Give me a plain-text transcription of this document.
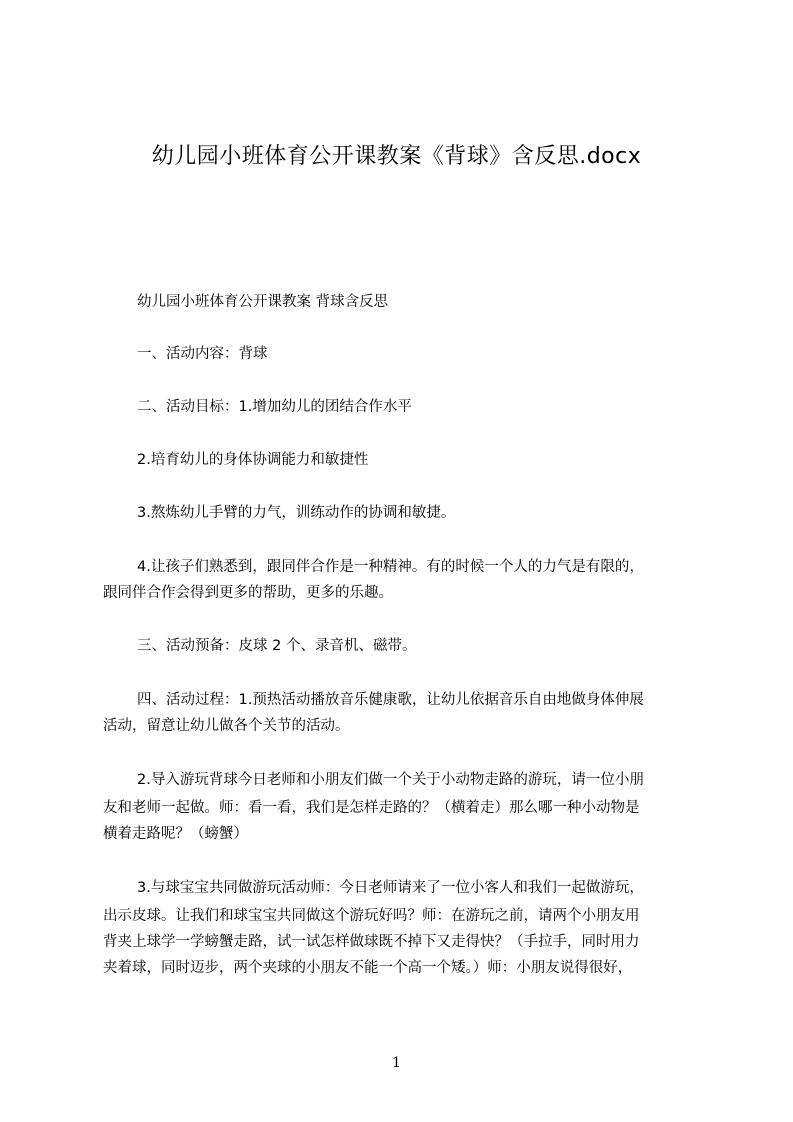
幼儿园小班体育公开课教案《背球》含反思.docx

幼儿园小班体育公开课教案 背球含反思

一、活动内容：背球

二、活动目标：1.增加幼儿的团结合作水平

2.培育幼儿的身体协调能力和敏捷性

3.熬炼幼儿手臂的力气，训练动作的协调和敏捷。

4.让孩子们熟悉到，跟同伴合作是一种精神。有的时候一个人的力气是有限的，

跟同伴合作会得到更多的帮助，更多的乐趣。

三、活动预备：皮球 2 个、录音机、磁带。

四、活动过程：1.预热活动播放音乐健康歌，让幼儿依据音乐自由地做身体伸展

活动，留意让幼儿做各个关节的活动。

2.导入游玩背球今日老师和小朋友们做一个关于小动物走路的游玩，请一位小朋

友和老师一起做。师：看一看，我们是怎样走路的？（横着走）那么哪一种小动物是

横着走路呢？（螃蟹）

3.与球宝宝共同做游玩活动师：今日老师请来了一位小客人和我们一起做游玩，

出示皮球。让我们和球宝宝共同做这个游玩好吗？师：在游玩之前，请两个小朋友用

背夹上球学一学螃蟹走路，试一试怎样做球既不掉下又走得快？（手拉手，同时用力

夹着球，同时迈步，两个夹球的小朋友不能一个高一个矮。）师：小朋友说得很好，

1
